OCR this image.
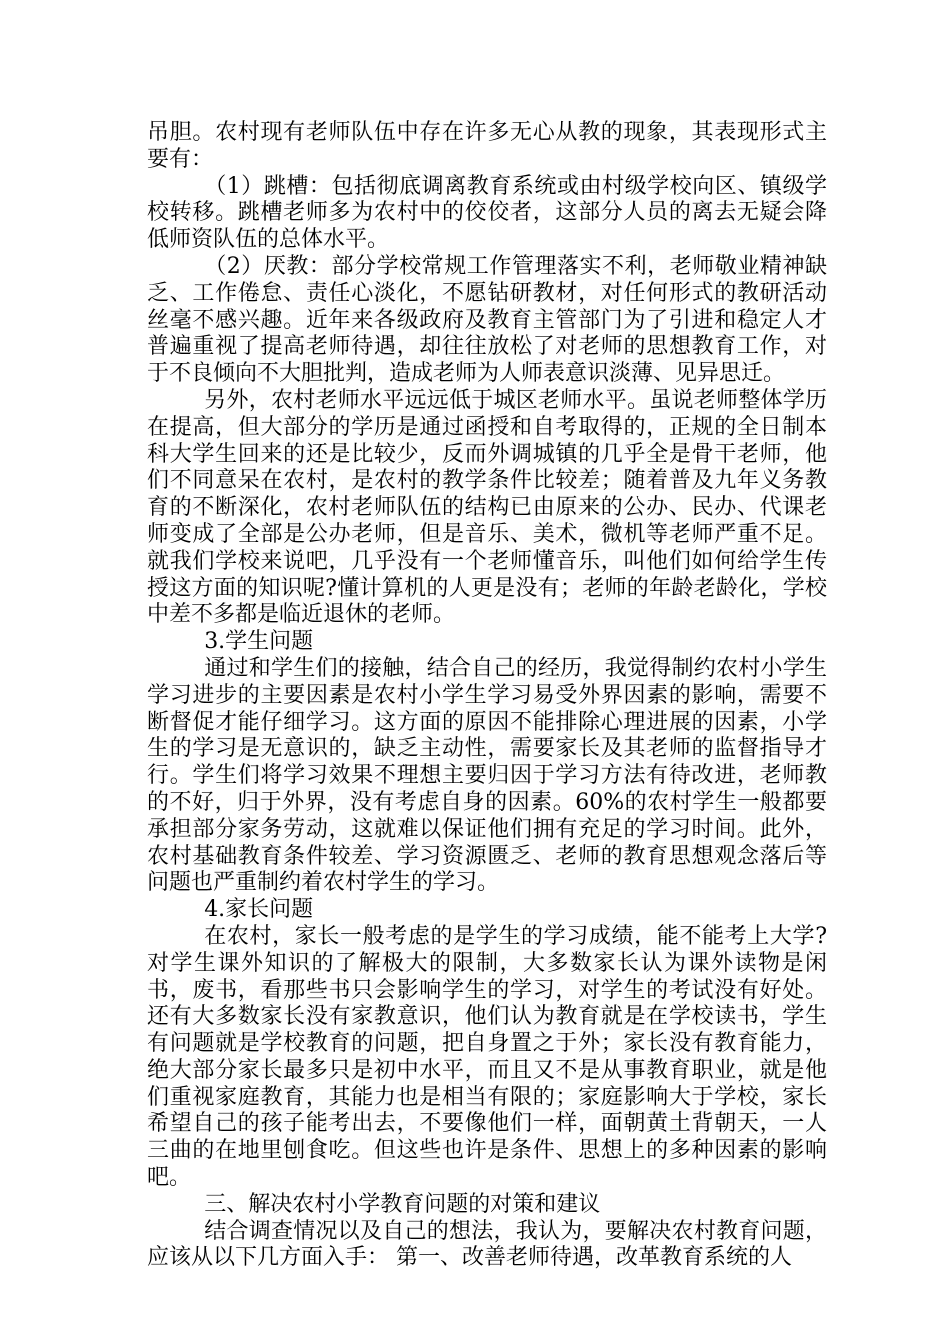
吊胆。农村现有老师队伍中存在许多无心从教的现象，其表现形式主要有：

（1）跳槽：包括彻底调离教育系统或由村级学校向区、镇级学校转移。跳槽老师多为农村中的佼佼者，这部分人员的离去无疑会降低师资队伍的总体水平。

（2）厌教：部分学校常规工作管理落实不利，老师敬业精神缺乏、工作倦怠、责任心淡化，不愿钻研教材，对任何形式的教研活动丝毫不感兴趣。近年来各级政府及教育主管部门为了引进和稳定人才普遍重视了提高老师待遇，却往往放松了对老师的思想教育工作，对于不良倾向不大胆批判，造成老师为人师表意识淡薄、见异思迁。

另外，农村老师水平远远低于城区老师水平。虽说老师整体学历在提高，但大部分的学历是通过函授和自考取得的，正规的全日制本科大学生回来的还是比较少，反而外调城镇的几乎全是骨干老师，他们不同意呆在农村，是农村的教学条件比较差；随着普及九年义务教育的不断深化，农村老师队伍的结构已由原来的公办、民办、代课老师变成了全部是公办老师，但是音乐、美术，微机等老师严重不足。就我们学校来说吧，几乎没有一个老师懂音乐，叫他们如何给学生传授这方面的知识呢?懂计算机的人更是没有；老师的年龄老龄化，学校中差不多都是临近退休的老师。

3.学生问题

通过和学生们的接触，结合自己的经历，我觉得制约农村小学生学习进步的主要因素是农村小学生学习易受外界因素的影响，需要不断督促才能仔细学习。这方面的原因不能排除心理进展的因素，小学生的学习是无意识的，缺乏主动性，需要家长及其老师的监督指导才行。学生们将学习效果不理想主要归因于学习方法有待改进，老师教的不好，归于外界，没有考虑自身的因素。60%的农村学生一般都要承担部分家务劳动，这就难以保证他们拥有充足的学习时间。此外，农村基础教育条件较差、学习资源匮乏、老师的教育思想观念落后等问题也严重制约着农村学生的学习。

4.家长问题

在农村，家长一般考虑的是学生的学习成绩，能不能考上大学?对学生课外知识的了解极大的限制，大多数家长认为课外读物是闲书，废书，看那些书只会影响学生的学习，对学生的考试没有好处。还有大多数家长没有家教意识，他们认为教育就是在学校读书，学生有问题就是学校教育的问题，把自身置之于外；家长没有教育能力，绝大部分家长最多只是初中水平，而且又不是从事教育职业，就是他们重视家庭教育，其能力也是相当有限的；家庭影响大于学校，家长希望自己的孩子能考出去，不要像他们一样，面朝黄土背朝天，一人三曲的在地里刨食吃。但这些也许是条件、思想上的多种因素的影响吧。

三、解决农村小学教育问题的对策和建议

结合调查情况以及自己的想法，我认为，要解决农村教育问题，应该从以下几方面入手： 第一、改善老师待遇，改革教育系统的人
